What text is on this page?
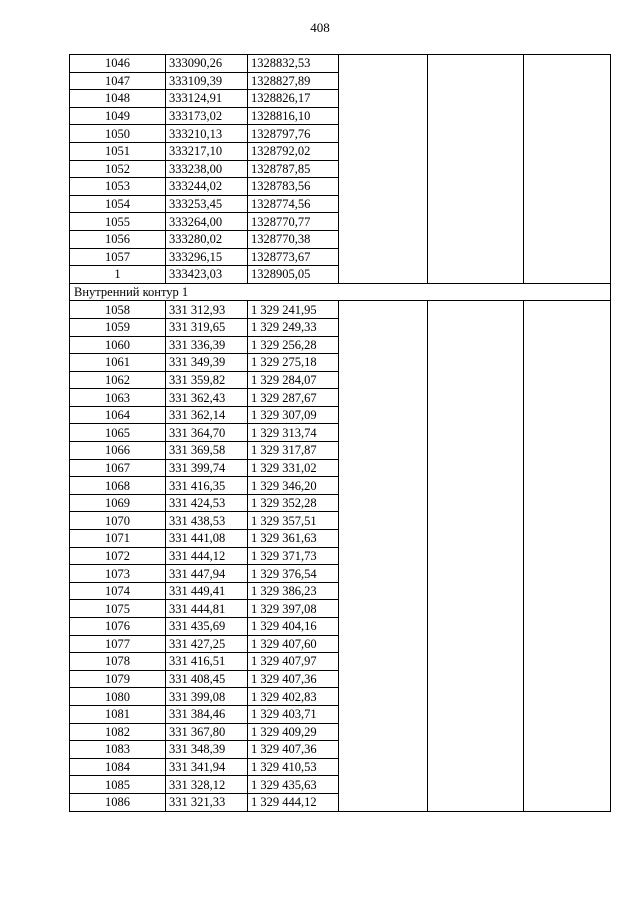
408
1046	333090,26	1328832,53			
1047	333109,39	1328827,89			
1048	333124,91	1328826,17			
1049	333173,02	1328816,10			
1050	333210,13	1328797,76			
1051	333217,10	1328792,02			
1052	333238,00	1328787,85			
1053	333244,02	1328783,56			
1054	333253,45	1328774,56			
1055	333264,00	1328770,77			
1056	333280,02	1328770,38			
1057	333296,15	1328773,67			
1	333423,03	1328905,05			
Внутренний контур 1					
1058	331 312,93	1 329 241,95			
1059	331 319,65	1 329 249,33			
1060	331 336,39	1 329 256,28			
1061	331 349,39	1 329 275,18			
1062	331 359,82	1 329 284,07			
1063	331 362,43	1 329 287,67			
1064	331 362,14	1 329 307,09			
1065	331 364,70	1 329 313,74			
1066	331 369,58	1 329 317,87			
1067	331 399,74	1 329 331,02			
1068	331 416,35	1 329 346,20			
1069	331 424,53	1 329 352,28			
1070	331 438,53	1 329 357,51			
1071	331 441,08	1 329 361,63			
1072	331 444,12	1 329 371,73			
1073	331 447,94	1 329 376,54			
1074	331 449,41	1 329 386,23			
1075	331 444,81	1 329 397,08			
1076	331 435,69	1 329 404,16			
1077	331 427,25	1 329 407,60			
1078	331 416,51	1 329 407,97			
1079	331 408,45	1 329 407,36			
1080	331 399,08	1 329 402,83			
1081	331 384,46	1 329 403,71			
1082	331 367,80	1 329 409,29			
1083	331 348,39	1 329 407,36			
1084	331 341,94	1 329 410,53			
1085	331 328,12	1 329 435,63			
1086	331 321,33	1 329 444,12			
